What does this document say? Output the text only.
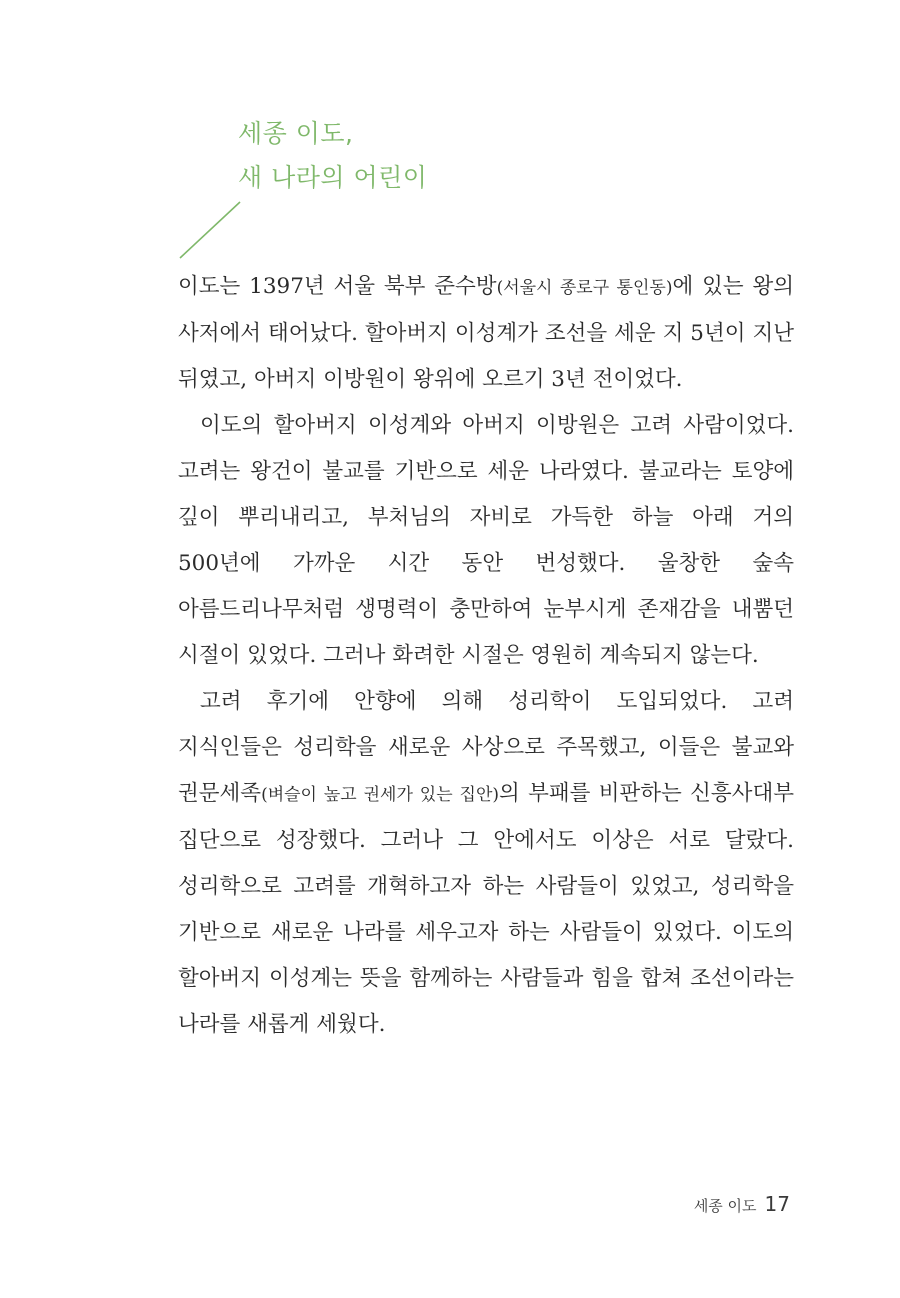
세종 이도,
새 나라의 어린이

이도는 1397년 서울 북부 준수방(서울시 종로구 통인동)에 있는 왕의 사저에서 태어났다. 할아버지 이성계가 조선을 세운 지 5년이 지난 뒤였고, 아버지 이방원이 왕위에 오르기 3년 전이었다.

이도의 할아버지 이성계와 아버지 이방원은 고려 사람이었다. 고려는 왕건이 불교를 기반으로 세운 나라였다. 불교라는 토양에 깊이 뿌리내리고, 부처님의 자비로 가득한 하늘 아래 거의 500년에 가까운 시간 동안 번성했다. 울창한 숲속 아름드리나무처럼 생명력이 충만하여 눈부시게 존재감을 내뿜던 시절이 있었다. 그러나 화려한 시절은 영원히 계속되지 않는다.

고려 후기에 안향에 의해 성리학이 도입되었다. 고려 지식인들은 성리학을 새로운 사상으로 주목했고, 이들은 불교와 권문세족(벼슬이 높고 권세가 있는 집안)의 부패를 비판하는 신흥사대부 집단으로 성장했다. 그러나 그 안에서도 이상은 서로 달랐다. 성리학으로 고려를 개혁하고자 하는 사람들이 있었고, 성리학을 기반으로 새로운 나라를 세우고자 하는 사람들이 있었다. 이도의 할아버지 이성계는 뜻을 함께하는 사람들과 힘을 합쳐 조선이라는 나라를 새롭게 세웠다.

세종 이도 17
